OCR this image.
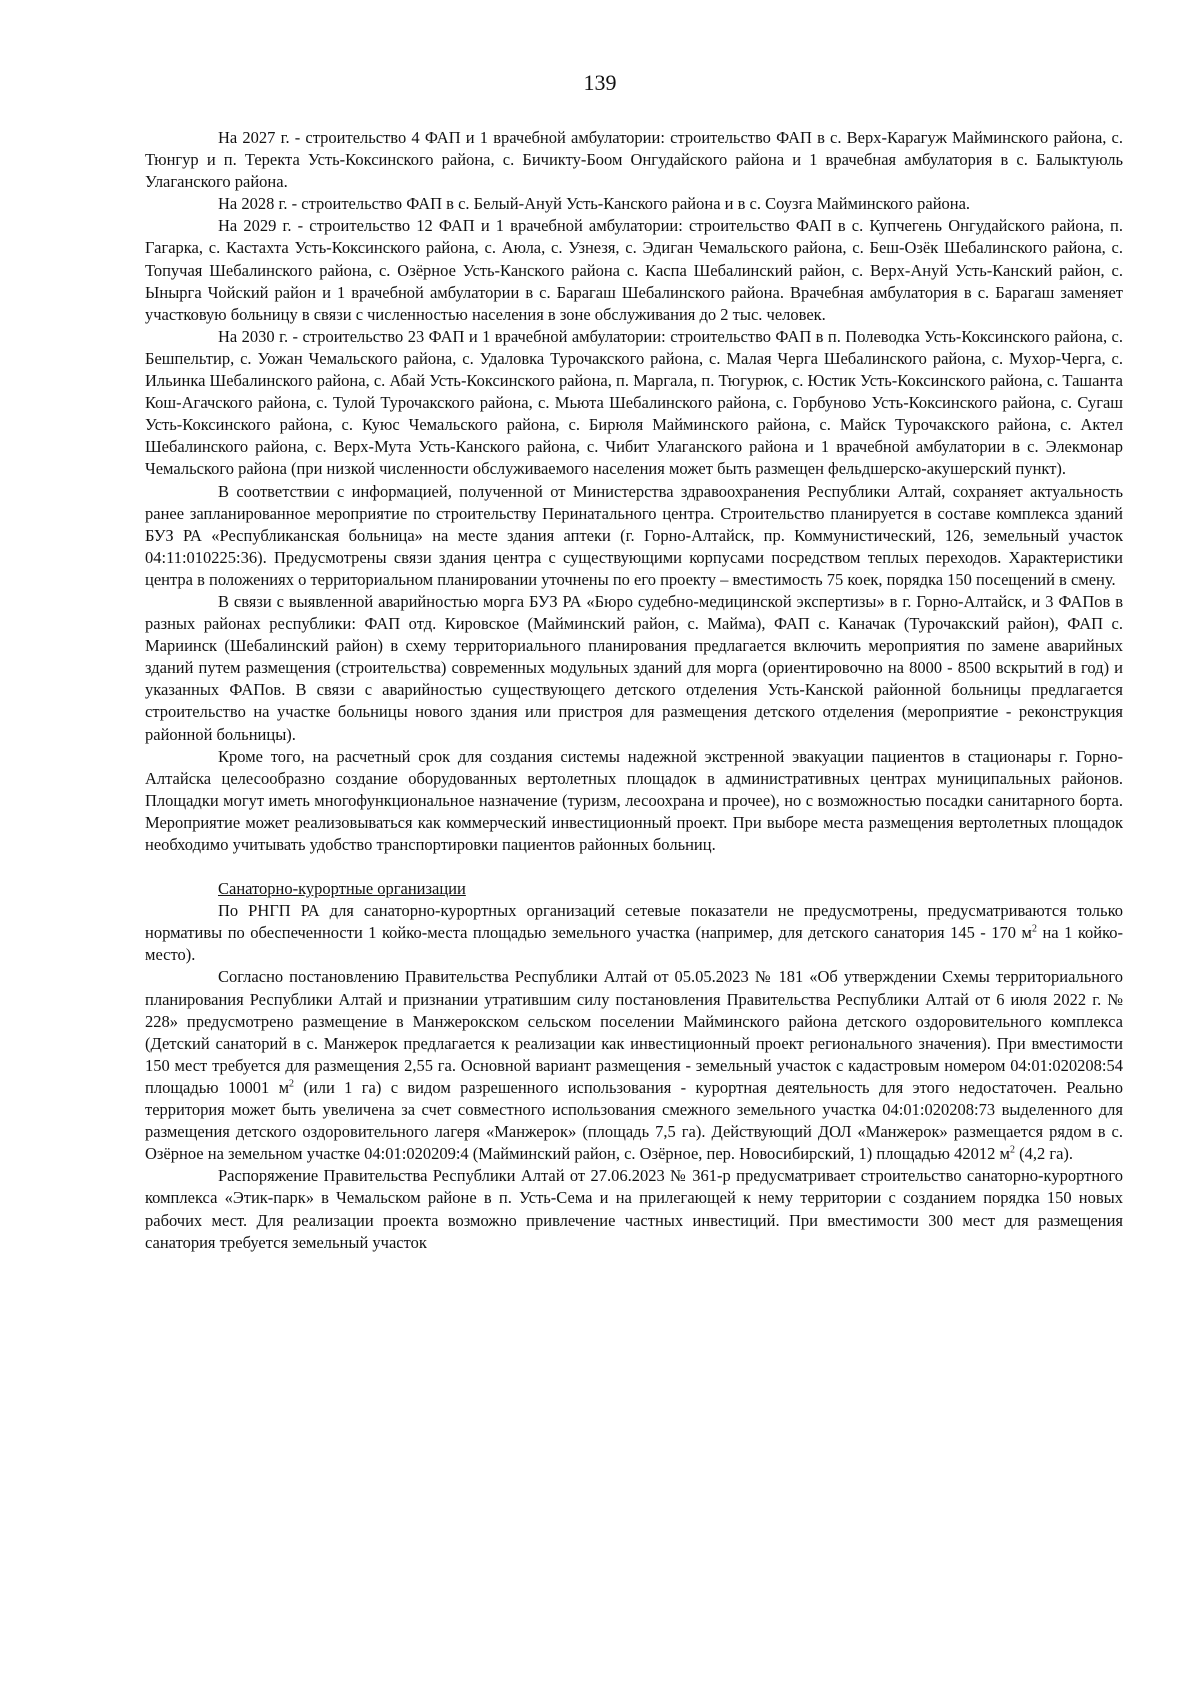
139

На 2027 г. - строительство 4 ФАП и 1 врачебной амбулатории: строительство ФАП в с. Верх-Карагуж Майминского района, с. Тюнгур и п. Теректа Усть-Коксинского района, с. Бичикту-Боом Онгудайского района и 1 врачебная амбулатория в с. Балыктуюль Улаганского района.

На 2028 г. - строительство ФАП в с. Белый-Ануй Усть-Канского района и в с. Соузга Майминского района.

На 2029 г. - строительство 12 ФАП и 1 врачебной амбулатории: строительство ФАП в с. Купчегень Онгудайского района, п. Гагарка, с. Кастахта Усть-Коксинского района, с. Аюла, с. Узнезя, с. Эдиган Чемальского района, с. Беш-Озёк Шебалинского района, с. Топучая Шебалинского района, с. Озёрное Усть-Канского района с. Каспа Шебалинский район, с. Верх-Ануй Усть-Канский район, с. Ынырга Чойский район и 1 врачебной амбулатории в с. Барагаш Шебалинского района. Врачебная амбулатория в с. Барагаш заменяет участковую больницу в связи с численностью населения в зоне обслуживания до 2 тыс. человек.

На 2030 г. - строительство 23 ФАП и 1 врачебной амбулатории: строительство ФАП в п. Полеводка Усть-Коксинского района, с. Бешпельтир, с. Уожан Чемальского района, с. Удаловка Турочакского района, с. Малая Черга Шебалинского района, с. Мухор-Черга, с. Ильинка Шебалинского района, с. Абай Усть-Коксинского района, п. Маргала, п. Тюгурюк, с. Юстик Усть-Коксинского района, с. Ташанта Кош-Агачского района, с. Тулой Турочакского района, с. Мьюта Шебалинского района, с. Горбуново Усть-Коксинского района, с. Сугаш Усть-Коксинского района, с. Куюс Чемальского района, с. Бирюля Майминского района, с. Майск Турочакского района, с. Актел Шебалинского района, с. Верх-Мута Усть-Канского района, с. Чибит Улаганского района и 1 врачебной амбулатории в с. Элекмонар Чемальского района (при низкой численности обслуживаемого населения может быть размещен фельдшерско-акушерский пункт).

В соответствии с информацией, полученной от Министерства здравоохранения Республики Алтай, сохраняет актуальность ранее запланированное мероприятие по строительству Перинатального центра. Строительство планируется в составе комплекса зданий БУЗ РА «Республиканская больница» на месте здания аптеки (г. Горно-Алтайск, пр. Коммунистический, 126, земельный участок 04:11:010225:36). Предусмотрены связи здания центра с существующими корпусами посредством теплых переходов. Характеристики центра в положениях о территориальном планировании уточнены по его проекту – вместимость 75 коек, порядка 150 посещений в смену.

В связи с выявленной аварийностью морга БУЗ РА «Бюро судебно-медицинской экспертизы» в г. Горно-Алтайск, и 3 ФАПов в разных районах республики: ФАП отд. Кировское (Майминский район, с. Майма), ФАП с. Каначак (Турочакский район), ФАП с. Мариинск (Шебалинский район) в схему территориального планирования предлагается включить мероприятия по замене аварийных зданий путем размещения (строительства) современных модульных зданий для морга (ориентировочно на 8000 - 8500 вскрытий в год) и указанных ФАПов. В связи с аварийностью существующего детского отделения Усть-Канской районной больницы предлагается строительство на участке больницы нового здания или пристроя для размещения детского отделения (мероприятие - реконструкция районной больницы).

Кроме того, на расчетный срок для создания системы надежной экстренной эвакуации пациентов в стационары г. Горно-Алтайска целесообразно создание оборудованных вертолетных площадок в административных центрах муниципальных районов. Площадки могут иметь многофункциональное назначение (туризм, лесоохрана и прочее), но с возможностью посадки санитарного борта. Мероприятие может реализовываться как коммерческий инвестиционный проект. При выборе места размещения вертолетных площадок необходимо учитывать удобство транспортировки пациентов районных больниц.

Санаторно-курортные организации

По РНГП РА для санаторно-курортных организаций сетевые показатели не предусмотрены, предусматриваются только нормативы по обеспеченности 1 койко-места площадью земельного участка (например, для детского санатория 145 - 170 $м^2$ на 1 койко-место).

Согласно постановлению Правительства Республики Алтай от 05.05.2023 № 181 «Об утверждении Схемы территориального планирования Республики Алтай и признании утратившим силу постановления Правительства Республики Алтай от 6 июля 2022 г. № 228» предусмотрено размещение в Манжерокском сельском поселении Майминского района детского оздоровительного комплекса (Детский санаторий в с. Манжерок предлагается к реализации как инвестиционный проект регионального значения). При вместимости 150 мест требуется для размещения 2,55 га. Основной вариант размещения - земельный участок с кадастровым номером 04:01:020208:54 площадью 10001 $м^2$ (или 1 га) с видом разрешенного использования - курортная деятельность для этого недостаточен. Реально территория может быть увеличена за счет совместного использования смежного земельного участка 04:01:020208:73 выделенного для размещения детского оздоровительного лагеря «Манжерок» (площадь 7,5 га). Действующий ДОЛ «Манжерок» размещается рядом в с. Озёрное на земельном участке 04:01:020209:4 (Майминский район, с. Озёрное, пер. Новосибирский, 1) площадью 42012 $м^2$ (4,2 га).

Распоряжение Правительства Республики Алтай от 27.06.2023 № 361-р предусматривает строительство санаторно-курортного комплекса «Этик-парк» в Чемальском районе в п. Усть-Сема и на прилегающей к нему территории с созданием порядка 150 новых рабочих мест. Для реализации проекта возможно привлечение частных инвестиций. При вместимости 300 мест для размещения санатория требуется земельный участок
